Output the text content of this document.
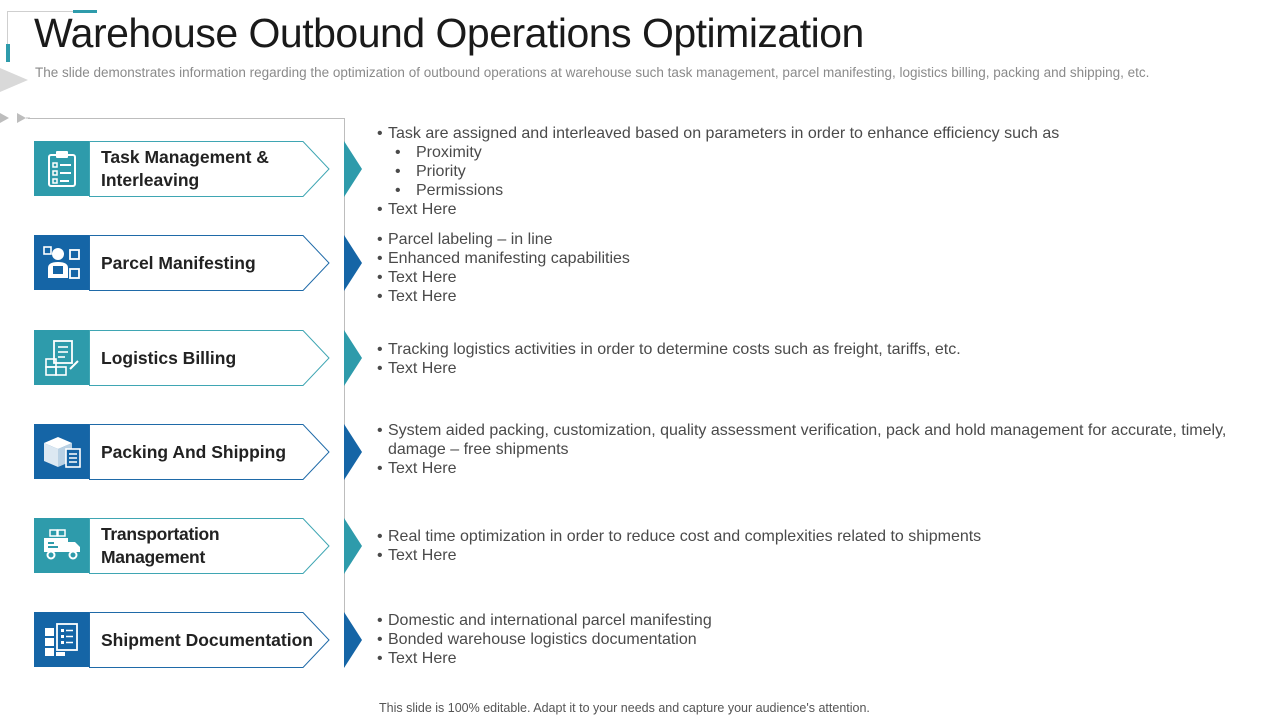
Warehouse Outbound Operations Optimization
The slide demonstrates information regarding the optimization of outbound operations at warehouse such task management, parcel manifesting, logistics billing, packing and shipping, etc.
Task Management & Interleaving
• Task are assigned and interleaved based on parameters in order to enhance efficiency such as
• Proximity
• Priority
• Permissions
• Text Here
Parcel Manifesting
• Parcel labeling – in line
• Enhanced manifesting capabilities
• Text Here
• Text Here
Logistics Billing	• Tracking logistics activities in order to determine costs such as freight, tariffs, etc.
• Text Here
Packing And Shipping
• System aided packing, customization, quality assessment verification, pack and hold management for accurate, timely, damage – free shipments
• Text Here
Transportation Management
• Real time optimization in order to reduce cost and complexities related to shipments
• Text Here
Shipment Documentation
• Domestic and international parcel manifesting
• Bonded warehouse logistics documentation
• Text Here
This slide is 100% editable. Adapt it to your needs and capture your audience's attention.
